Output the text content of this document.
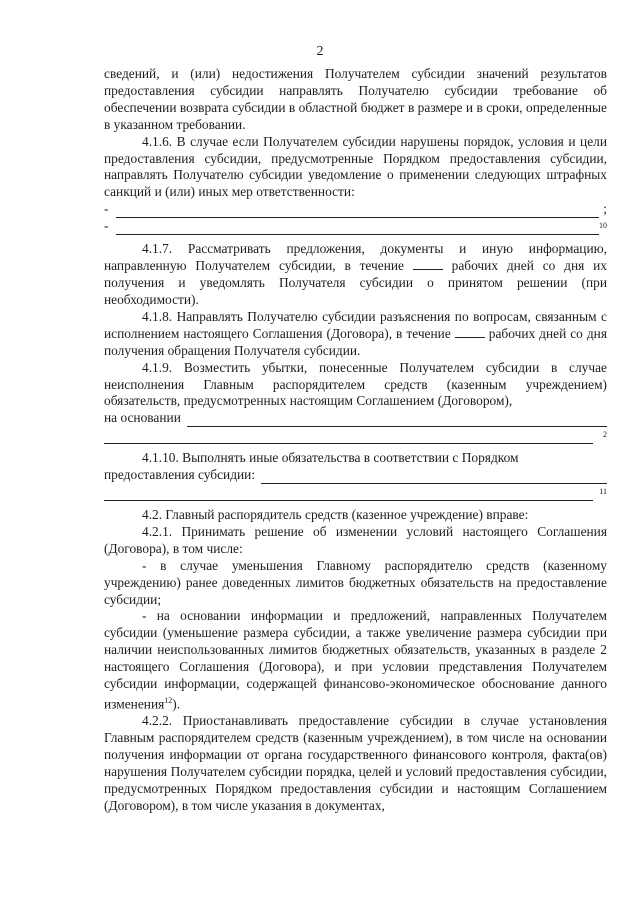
2

сведений, и (или) недостижения Получателем субсидии значений результатов предоставления субсидии направлять Получателю субсидии требование об обеспечении возврата субсидии в областной бюджет в размере и в сроки, определенные в указанном требовании.

4.1.6. В случае если Получателем субсидии нарушены порядок, условия и цели предоставления субсидии, предусмотренные Порядком предоставления субсидии, направлять Получателю субсидии уведомление о применении следующих штрафных санкций и (или) иных мер ответственности:

-	;
-	10

4.1.7. Рассматривать предложения, документы и иную информацию, направленную Получателем субсидии, в течение	рабочих дней со дня их получения и уведомлять Получателя субсидии о принятом решении (при необходимости).

4.1.8. Направлять Получателю субсидии разъяснения по вопросам, связанным с исполнением настоящего Соглашения (Договора), в течение	рабочих дней со дня получения обращения Получателя субсидии.

4.1.9. Возместить убытки, понесенные Получателем субсидии в случае неисполнения Главным распорядителем средств (казенным учреждением) обязательств, предусмотренных настоящим Соглашением (Договором),

на основании
2

4.1.10. Выполнять иные обязательства в соответствии с Порядком

предоставления субсидии:
11

4.2. Главный распорядитель средств (казенное учреждение) вправе:

4.2.1. Принимать решение об изменении условий настоящего Соглашения (Договора), в том числе:

- в случае уменьшения Главному распорядителю средств (казенному учреждению) ранее доведенных лимитов бюджетных обязательств на предоставление субсидии;

- на основании информации и предложений, направленных Получателем субсидии (уменьшение размера субсидии, а также увеличение размера субсидии при наличии неиспользованных лимитов бюджетных обязательств, указанных в разделе 2 настоящего Соглашения (Договора), и при условии представления Получателем субсидии информации, содержащей финансово-экономическое обоснование данного изменения$^{12}$).

4.2.2. Приостанавливать предоставление субсидии в случае установления Главным распорядителем средств (казенным учреждением), в том числе на основании получения информации от органа государственного финансового контроля, факта(ов) нарушения Получателем субсидии порядка, целей и условий предоставления субсидии, предусмотренных Порядком предоставления субсидии и настоящим Соглашением (Договором), в том числе указания в документах,
